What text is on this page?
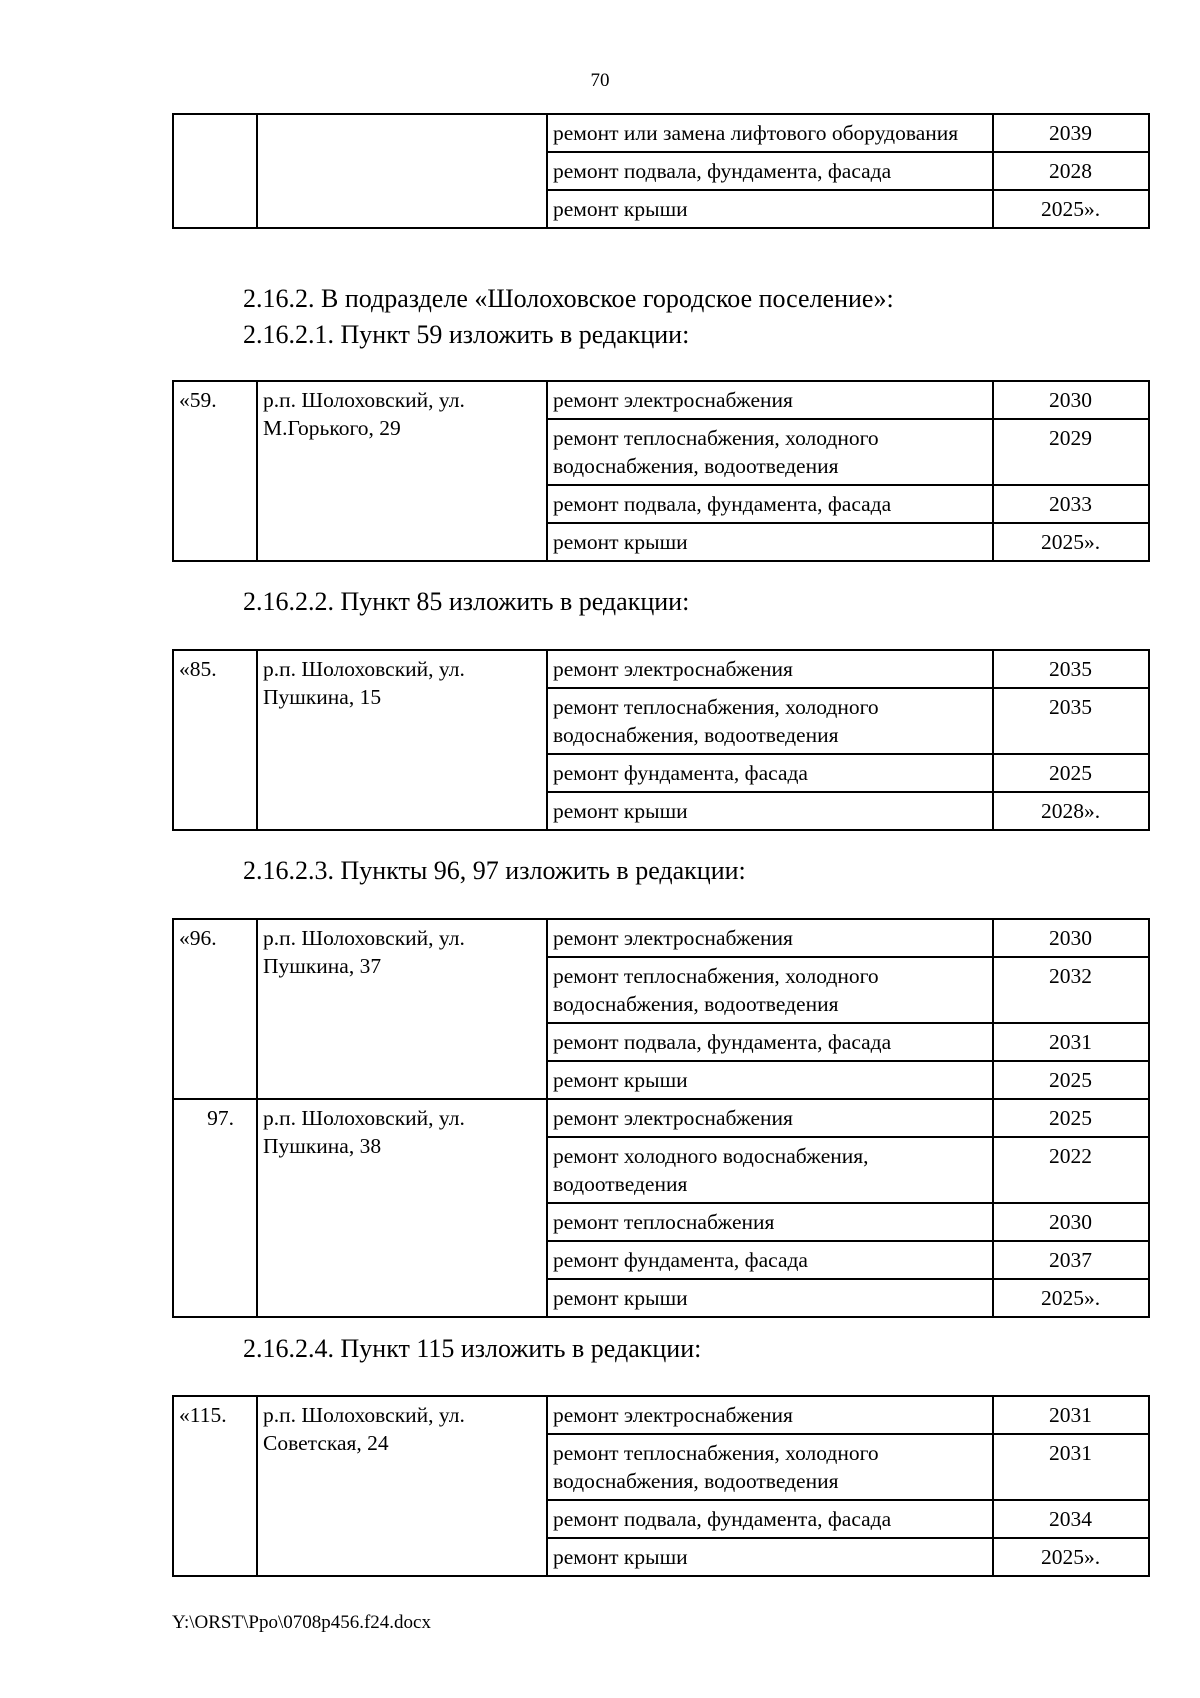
70
		ремонт или замена лифтового оборудования	2039
		ремонт подвала, фундамента, фасада	2028
		ремонт крыши	2025».
2.16.2. В подразделе «Шолоховское городское поселение»:
2.16.2.1. Пункт 59 изложить в редакции:
«59.	р.п. Шолоховский, ул. М.Горького, 29	ремонт электроснабжения	2030
		ремонт теплоснабжения, холодного водоснабжения, водоотведения	2029
		ремонт подвала, фундамента, фасада	2033
		ремонт крыши	2025».
2.16.2.2. Пункт 85 изложить в редакции:
«85.	р.п. Шолоховский, ул. Пушкина, 15	ремонт электроснабжения	2035
		ремонт теплоснабжения, холодного водоснабжения, водоотведения	2035
		ремонт фундамента, фасада	2025
		ремонт крыши	2028».
2.16.2.3. Пункты 96, 97 изложить в редакции:
«96.	р.п. Шолоховский, ул. Пушкина, 37	ремонт электроснабжения	2030
		ремонт теплоснабжения, холодного водоснабжения, водоотведения	2032
		ремонт подвала, фундамента, фасада	2031
		ремонт крыши	2025
97.	р.п. Шолоховский, ул. Пушкина, 38	ремонт электроснабжения	2025
		ремонт холодного водоснабжения, водоотведения	2022
		ремонт теплоснабжения	2030
		ремонт фундамента, фасада	2037
		ремонт крыши	2025».
2.16.2.4. Пункт 115 изложить в редакции:
«115.	р.п. Шолоховский, ул. Советская, 24	ремонт электроснабжения	2031
		ремонт теплоснабжения, холодного водоснабжения, водоотведения	2031
		ремонт подвала, фундамента, фасада	2034
		ремонт крыши	2025».
Y:\ORST\Ppo\0708p456.f24.docx
